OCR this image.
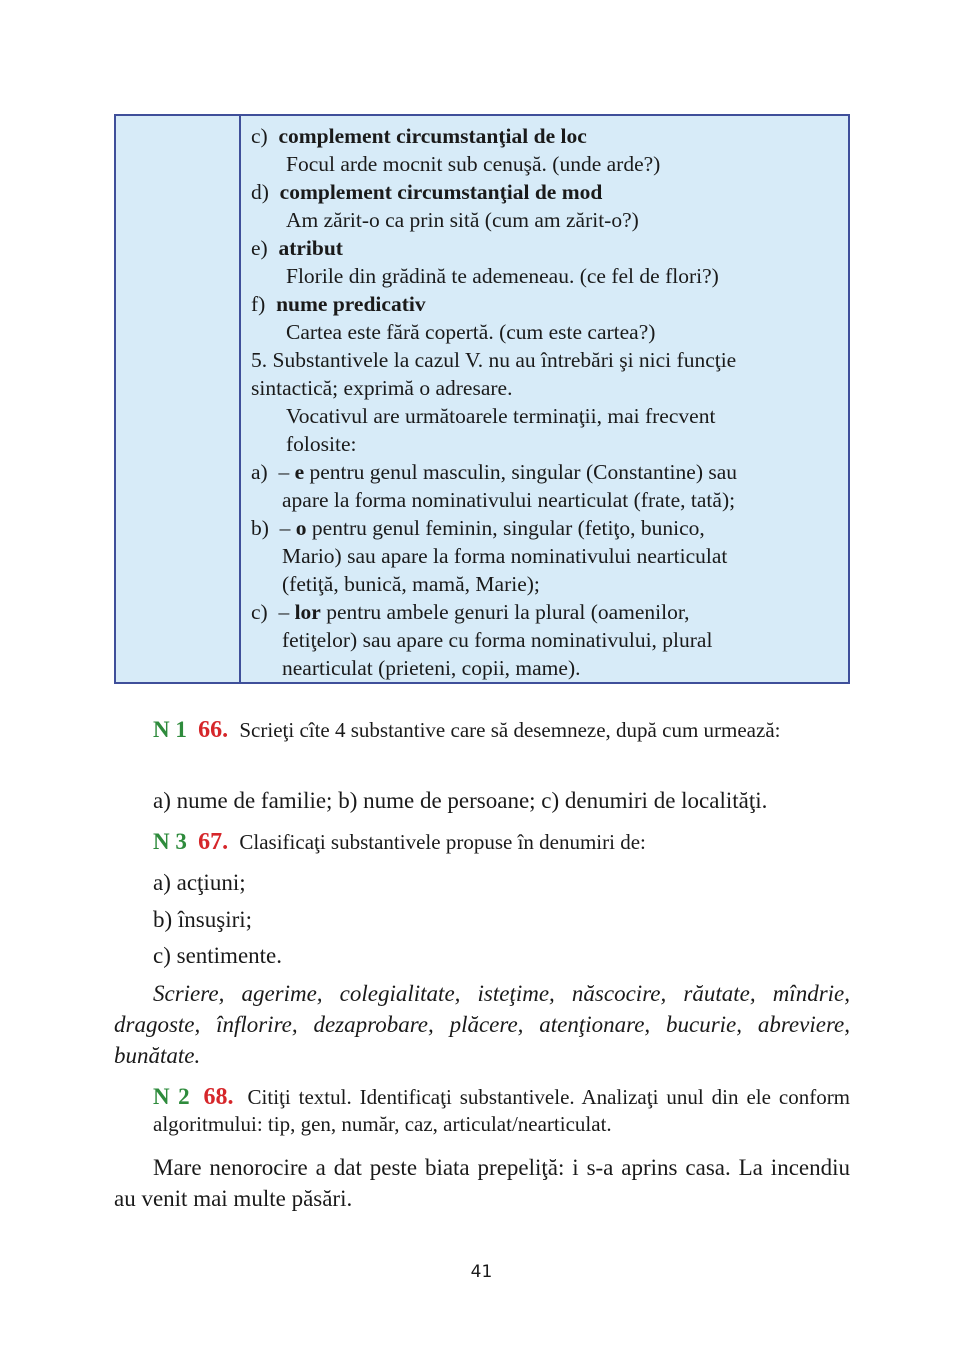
c) complement circumstanţial de loc
Focul arde mocnit sub cenuşă. (unde arde?)
d) complement circumstanţial de mod
Am zărit-o ca prin sită (cum am zărit-o?)
e) atribut
Florile din grădină te ademeneau. (ce fel de flori?)
f) nume predicativ
Cartea este fără copertă. (cum este cartea?)
5. Substantivele la cazul V. nu au întrebări şi nici funcţie
sintactică; exprimă o adresare.
Vocativul are următoarele terminaţii, mai frecvent
folosite:
a) – e pentru genul masculin, singular (Constantine) sau
apare la forma nominativului nearticulat (frate, tată);
b) – o pentru genul feminin, singular (fetiţo, bunico,
Mario) sau apare la forma nominativului nearticulat
(fetiţă, bunică, mamă, Marie);
c) – lor pentru ambele genuri la plural (oamenilor,
fetiţelor) sau apare cu forma nominativului, plural
nearticulat (prieteni, copii, mame).
N 1 66. Scrieţi cîte 4 substantive care să desemneze, după cum urmează:
a) nume de familie; b) nume de persoane; c) denumiri de localităţi.
N 3 67. Clasificaţi substantivele propuse în denumiri de:
a) acţiuni;
b) însuşiri;
c) sentimente.
Scriere, agerime, colegialitate, isteţime, născocire, răutate, mîndrie, dragoste, înflorire, dezaprobare, plăcere, atenţionare, bucurie, abreviere, bunătate.
N 2 68. Citiţi textul. Identificaţi substantivele. Analizaţi unul din ele conform algoritmului: tip, gen, număr, caz, articulat/nearticulat.
Mare nenorocire a dat peste biata prepeliţă: i s-a aprins casa. La incendiu au venit mai multe păsări.
41
